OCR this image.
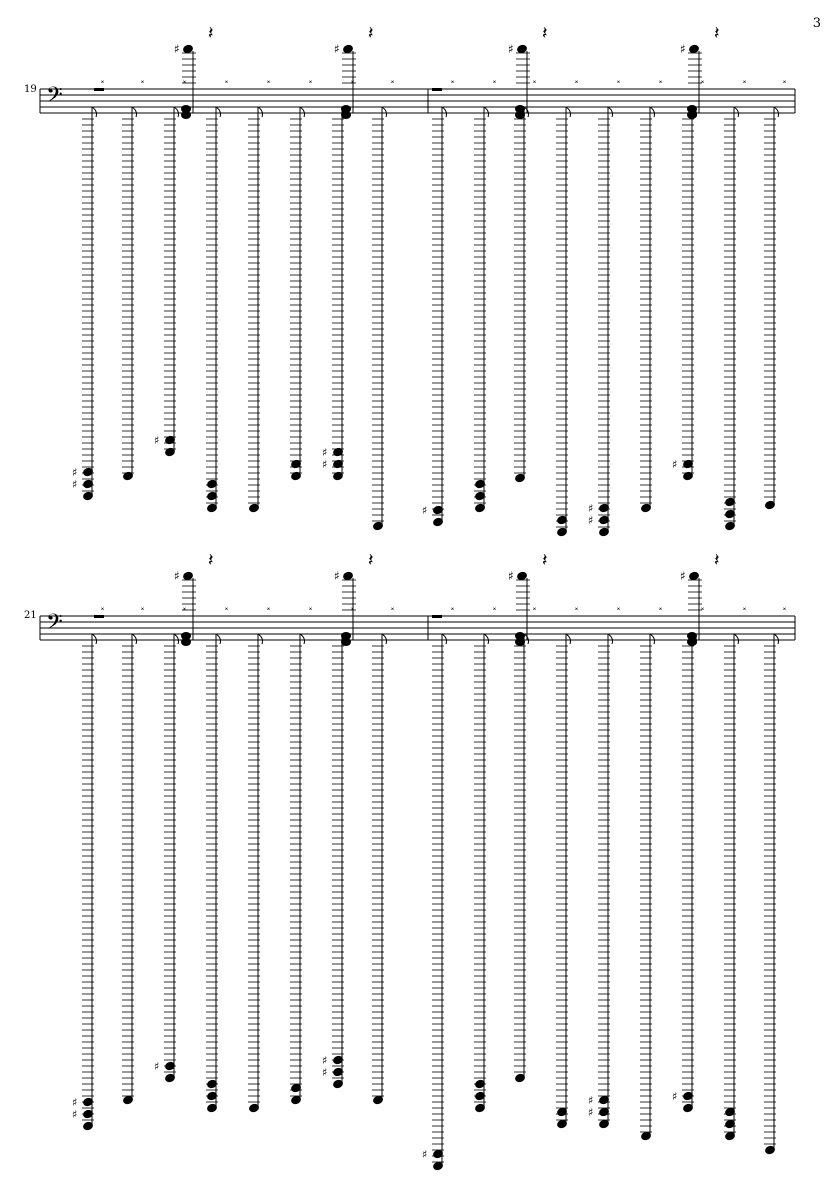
3
19
21
𝄢
♯
♯
𝅃	𝅃
♯
𝅃	𝅃	𝅃	𝅃
♯
♯
𝅃	𝅃
♯
𝅃	𝅃	𝅃	𝅃
♯
♯
𝅃	𝅃
♯
𝅃	𝅃	𝅃
♯
𝄽
♯
𝄽
♯
𝄽
♯
𝄽
𝄢
♯
♯
𝅃	𝅃
♯
𝅃	𝅃	𝅃	𝅃
♯
♯
𝅃	𝅃
♯
𝅃	𝅃	𝅃	𝅃
♯
♯
𝅃	𝅃
♯
𝅃	𝅃	𝅃
♯
𝄽
♯
𝄽
♯
𝄽
♯
𝄽
